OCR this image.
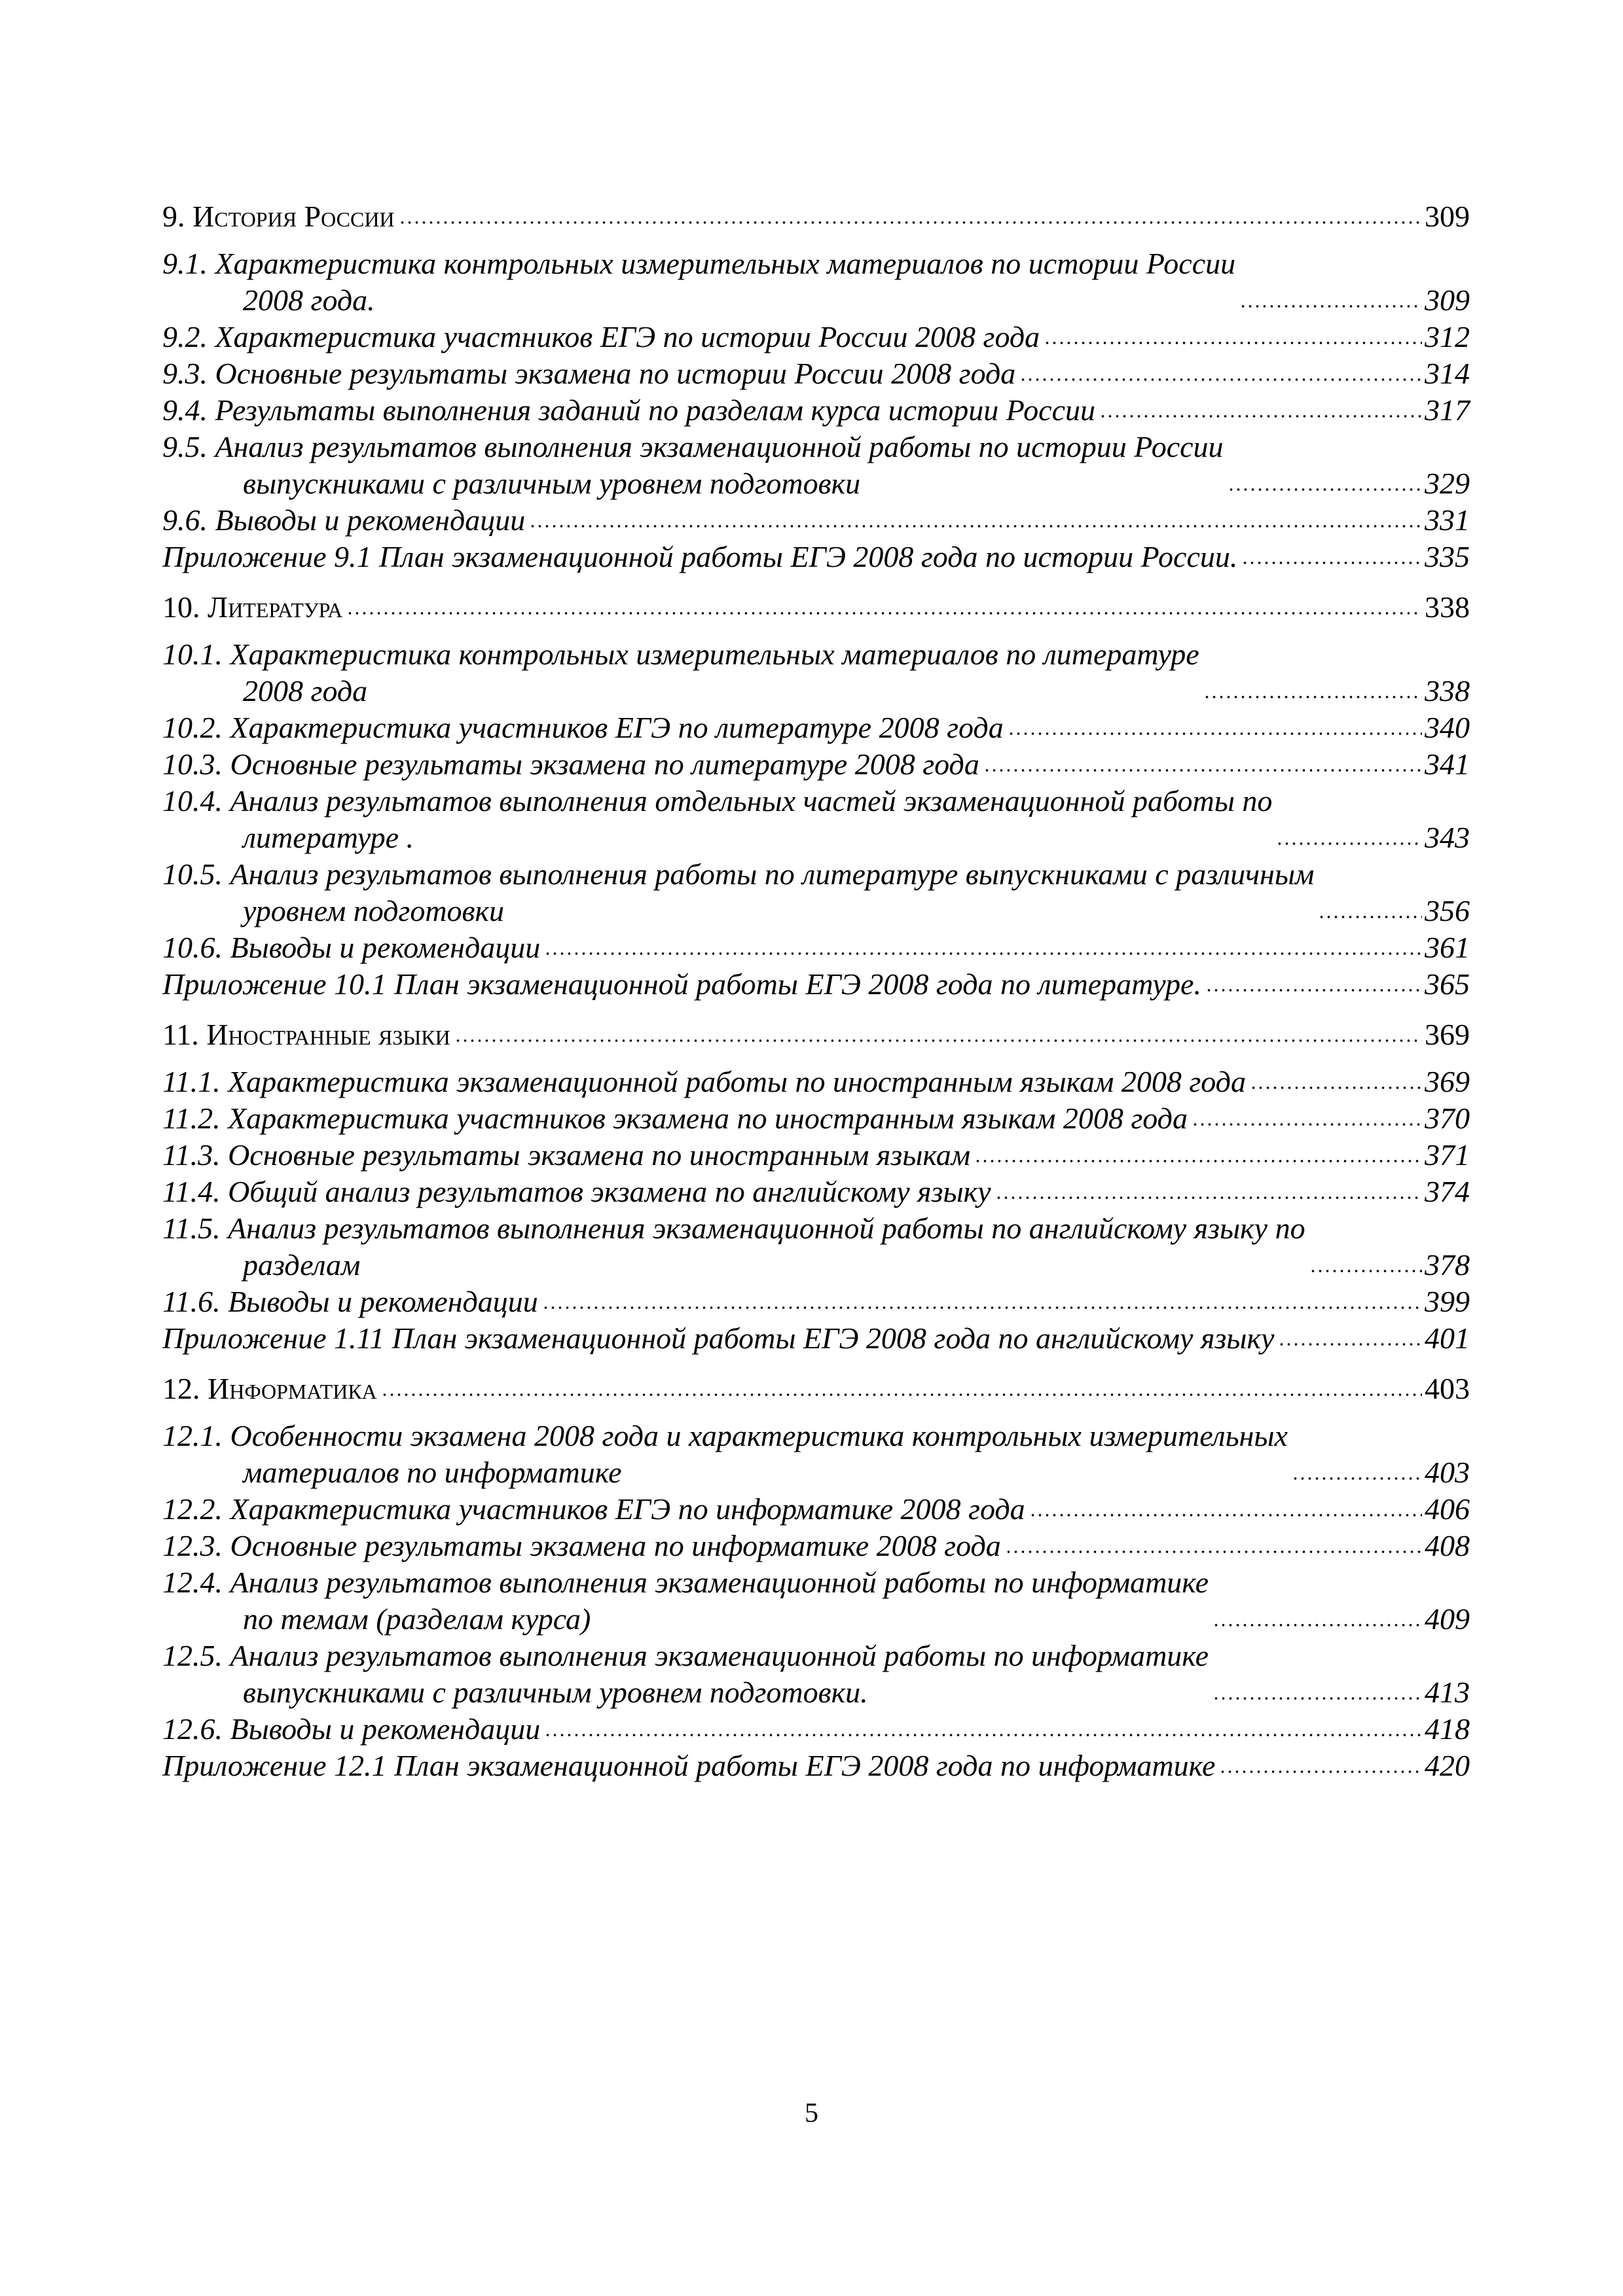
9. История России	309
9.1. Характеристика контрольных измерительных материалов по истории России
2008 года.	309
9.2. Характеристика участников ЕГЭ по истории России 2008 года	312
9.3. Основные результаты экзамена по истории России 2008 года	314
9.4. Результаты выполнения заданий по разделам курса истории России	317
9.5. Анализ результатов выполнения экзаменационной работы по истории России
выпускниками с различным уровнем подготовки	329
9.6. Выводы и рекомендации	331
Приложение 9.1 План экзаменационной работы ЕГЭ 2008 года по истории России.	335
10. Литература	338
10.1. Характеристика контрольных измерительных материалов по литературе
2008 года	338
10.2. Характеристика участников ЕГЭ по литературе 2008 года	340
10.3. Основные результаты экзамена по литературе 2008 года	341
10.4. Анализ результатов выполнения отдельных частей экзаменационной работы по
литературе .	343
10.5. Анализ результатов выполнения работы по литературе выпускниками с различным
уровнем подготовки	356
10.6. Выводы и рекомендации	361
Приложение 10.1 План экзаменационной работы ЕГЭ 2008 года по литературе.	365
11. Иностранные языки	369
11.1. Характеристика экзаменационной работы по иностранным языкам 2008 года	369
11.2. Характеристика участников экзамена по иностранным языкам 2008 года	370
11.3. Основные результаты экзамена по иностранным языкам	371
11.4. Общий анализ результатов экзамена по английскому языку	374
11.5. Анализ результатов выполнения экзаменационной работы по английскому языку по
разделам	378
11.6. Выводы и рекомендации	399
Приложение 1.11 План экзаменационной работы ЕГЭ 2008 года по английскому языку	401
12. Информатика	403
12.1. Особенности экзамена 2008 года и характеристика контрольных измерительных
материалов по информатике	403
12.2. Характеристика участников ЕГЭ по информатике 2008 года	406
12.3. Основные результаты экзамена по информатике 2008 года	408
12.4. Анализ результатов выполнения экзаменационной работы по информатике
по темам (разделам курса)	409
12.5. Анализ результатов выполнения экзаменационной работы по информатике
выпускниками с различным уровнем подготовки.	413
12.6. Выводы и рекомендации	418
Приложение 12.1 План экзаменационной работы ЕГЭ 2008 года по информатике	420
5
